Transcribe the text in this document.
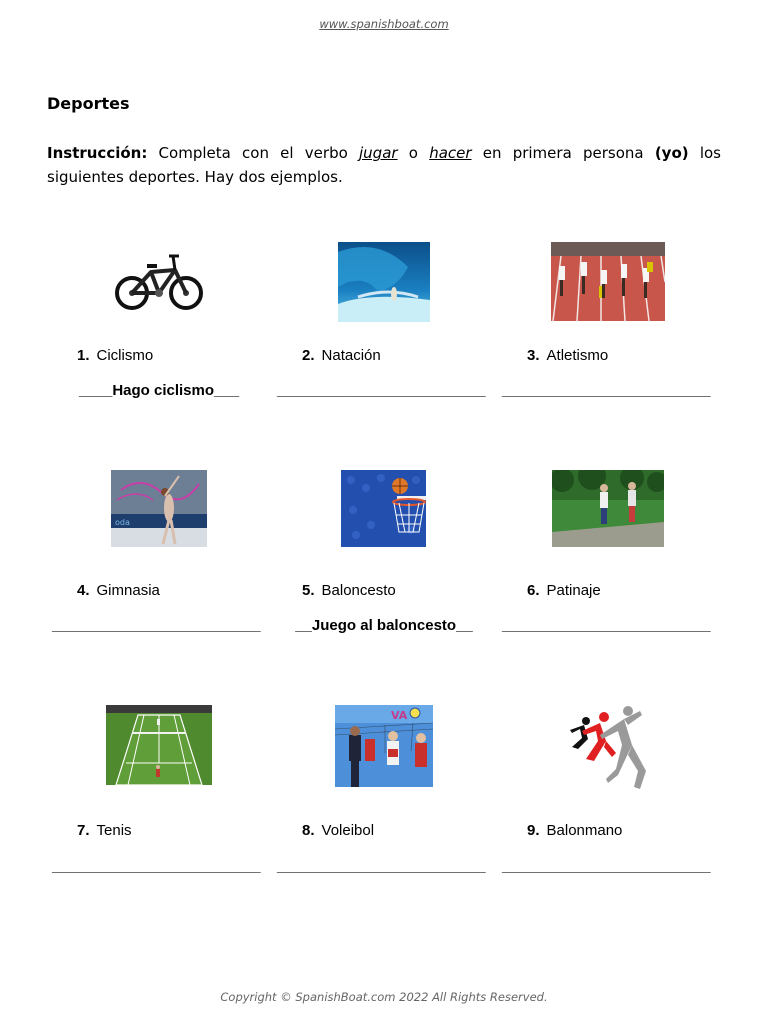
www.spanishboat.com
Deportes
Instrucción: Completa con el verbo jugar o hacer en primera persona (yo) los siguientes deportes. Hay dos ejemplos.
1. Ciclismo	2. Natación	3. Atletismo
____Hago ciclismo___	_________________________ _________________________
oda
4. Gimnasia	5. Baloncesto	6. Patinaje
_________________________	__Juego al baloncesto__	_________________________
VA
7. Tenis	8. Voleibol	9. Balonmano
_________________________ _________________________ _________________________
Copyright © SpanishBoat.com 2022 All Rights Reserved.
